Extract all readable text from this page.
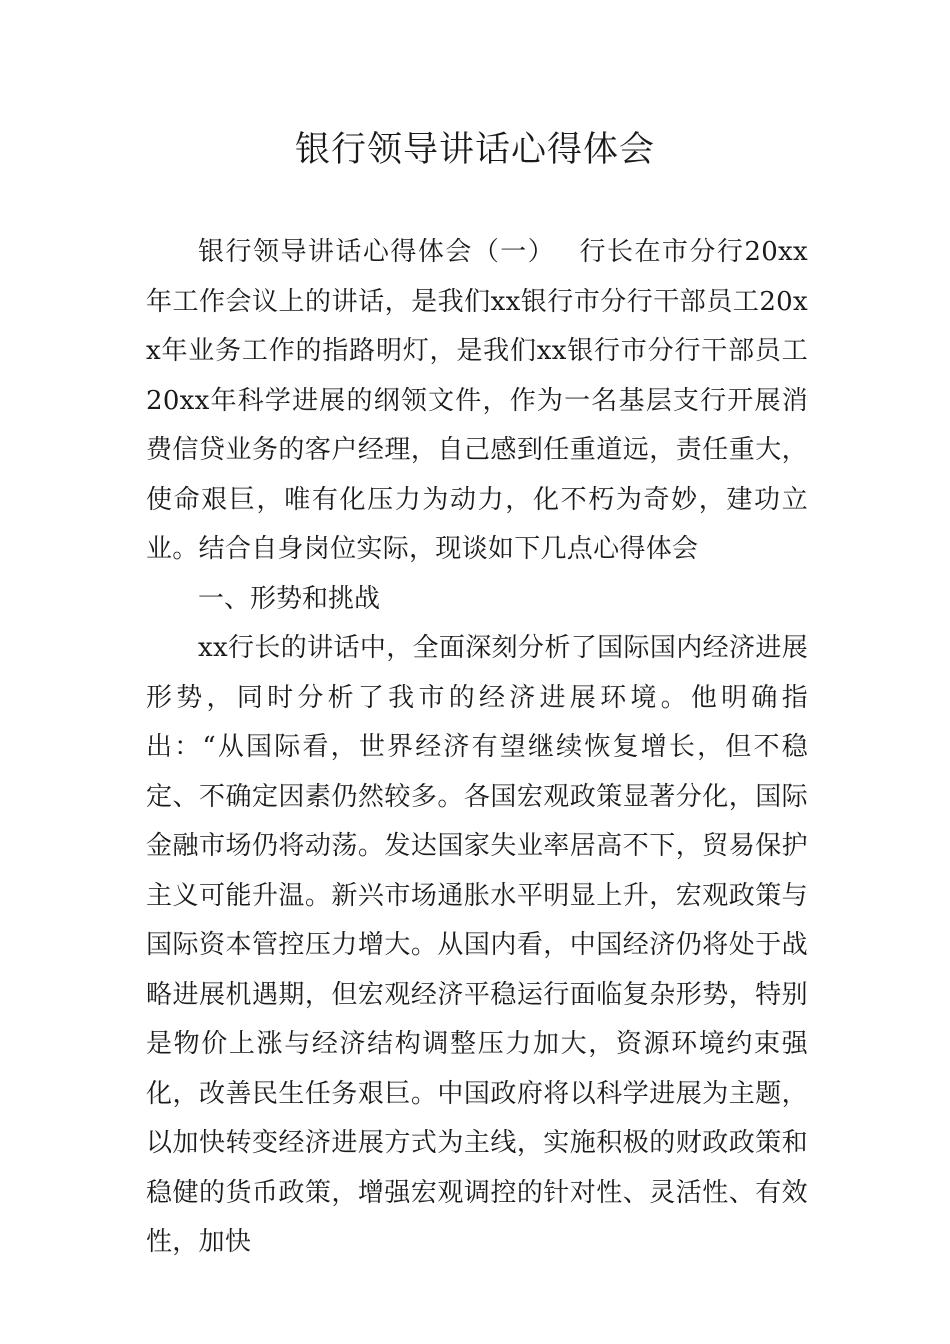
银行领导讲话心得体会

银行领导讲话心得体会（一）　 行长在市分行20xx年工作会议上的讲话，是我们xx银行市分行干部员工20xx年业务工作的指路明灯，是我们xx银行市分行干部员工20xx年科学进展的纲领文件，作为一名基层支行开展消费信贷业务的客户经理，自己感到任重道远，责任重大，使命艰巨，唯有化压力为动力，化不朽为奇妙，建功立业。结合自身岗位实际，现谈如下几点心得体会

一、形势和挑战

xx行长的讲话中，全面深刻分析了国际国内经济进展形势，同时分析了我市的经济进展环境。他明确指出：“从国际看，世界经济有望继续恢复增长，但不稳定、不确定因素仍然较多。各国宏观政策显著分化，国际金融市场仍将动荡。发达国家失业率居高不下，贸易保护主义可能升温。新兴市场通胀水平明显上升，宏观政策与国际资本管控压力增大。从国内看，中国经济仍将处于战略进展机遇期，但宏观经济平稳运行面临复杂形势，特别是物价上涨与经济结构调整压力加大，资源环境约束强化，改善民生任务艰巨。中国政府将以科学进展为主题，以加快转变经济进展方式为主线，实施积极的财政政策和稳健的货币政策，增强宏观调控的针对性、灵活性、有效性，加快
